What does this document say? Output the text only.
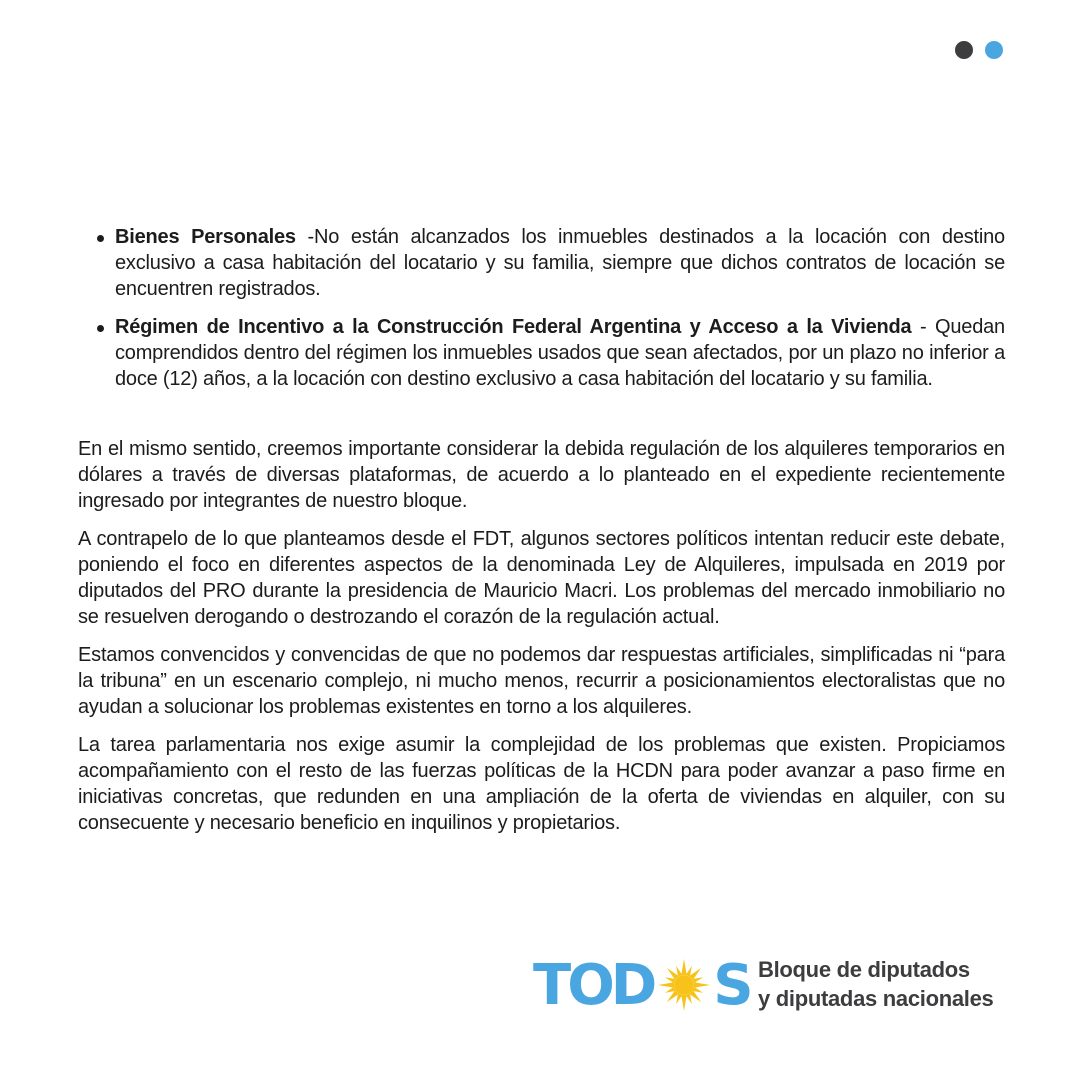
Bienes Personales -No están alcanzados los inmuebles destinados a la locación con destino exclusivo a casa habitación del locatario y su familia, siempre que dichos contratos de locación se encuentren registrados.
Régimen de Incentivo a la Construcción Federal Argentina y Acceso a la Vivienda - Quedan comprendidos dentro del régimen los inmuebles usados que sean afectados, por un plazo no inferior a doce (12) años, a la locación con destino exclusivo a casa habitación del locatario y su familia.

En el mismo sentido, creemos importante considerar la debida regulación de los alquileres temporarios en dólares a través de diversas plataformas, de acuerdo a lo planteado en el expediente recientemente ingresado por integrantes de nuestro bloque.

A contrapelo de lo que planteamos desde el FDT, algunos sectores políticos intentan reducir este debate, poniendo el foco en diferentes aspectos de la denominada Ley de Alquileres, impulsada en 2019 por diputados del PRO durante la presidencia de Mauricio Macri. Los problemas del mercado inmobiliario no se resuelven derogando o destrozando el corazón de la regulación actual.

Estamos convencidos y convencidas de que no podemos dar respuestas artificiales, simplificadas ni “para la tribuna” en un escenario complejo, ni mucho menos, recurrir a posicionamientos electoralistas que no ayudan a solucionar los problemas existentes en torno a los alquileres.

La tarea parlamentaria nos exige asumir la complejidad de los problemas que existen. Propiciamos acompañamiento con el resto de las fuerzas políticas de la HCDN para poder avanzar a paso firme en iniciativas concretas, que redunden en una ampliación de la oferta de viviendas en alquiler, con su consecuente y necesario beneficio en inquilinos y propietarios.

TOD S Bloque de diputados
y diputadas nacionales
